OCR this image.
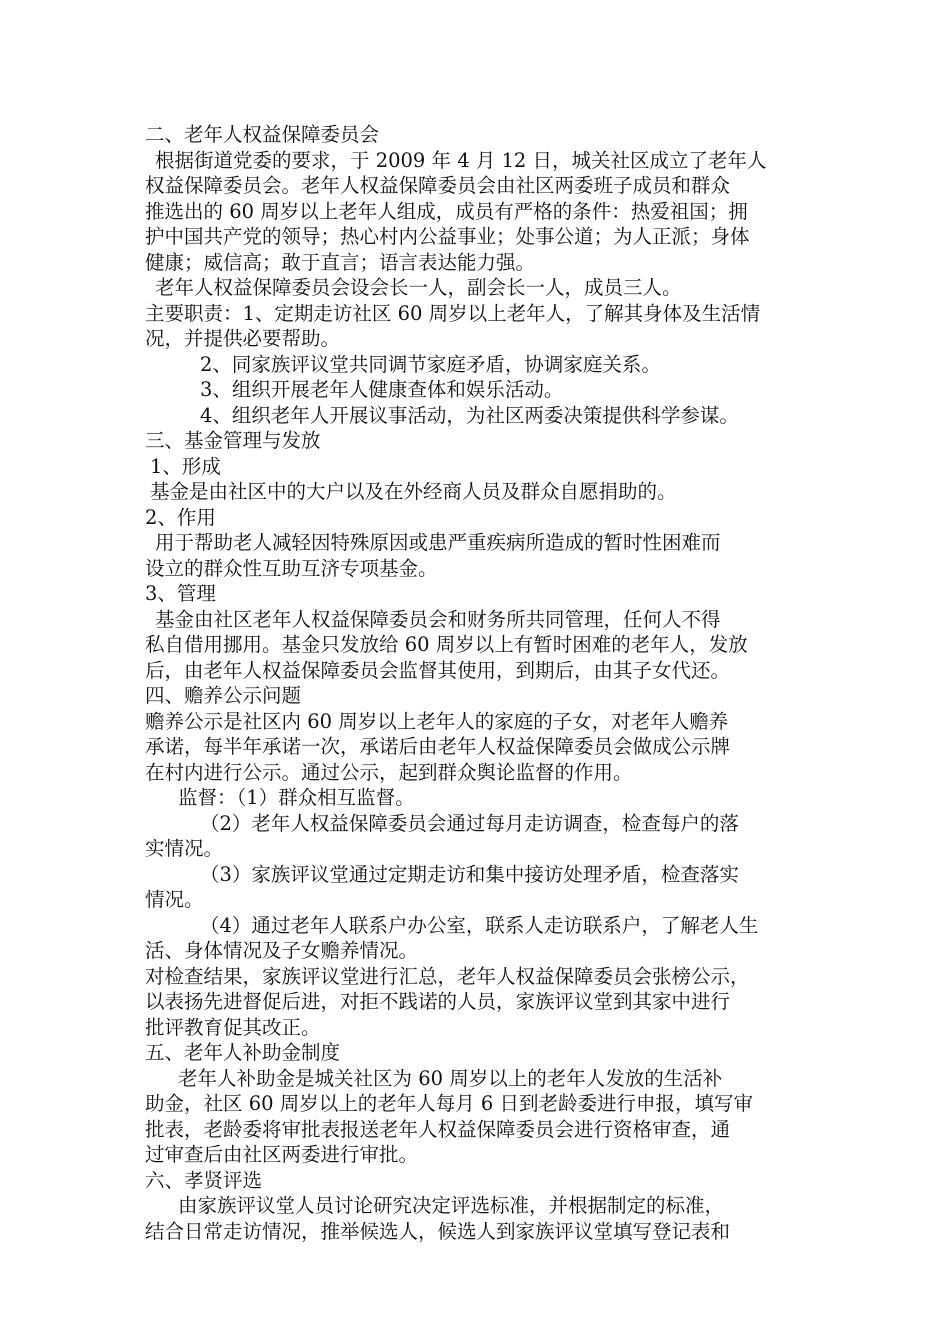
二、老年人权益保障委员会
根据街道党委的要求，于 2009 年 4 月 12 日，城关社区成立了老年人
权益保障委员会。老年人权益保障委员会由社区两委班子成员和群众
推选出的 60 周岁以上老年人组成，成员有严格的条件：热爱祖国；拥
护中国共产党的领导；热心村内公益事业；处事公道；为人正派；身体
健康；威信高；敢于直言；语言表达能力强。
老年人权益保障委员会设会长一人，副会长一人，成员三人。
主要职责：1、定期走访社区 60 周岁以上老年人，了解其身体及生活情
况，并提供必要帮助。
2、同家族评议堂共同调节家庭矛盾，协调家庭关系。
3、组织开展老年人健康查体和娱乐活动。
4、组织老年人开展议事活动，为社区两委决策提供科学参谋。
三、基金管理与发放
1、形成
基金是由社区中的大户以及在外经商人员及群众自愿捐助的。
2、作用
用于帮助老人减轻因特殊原因或患严重疾病所造成的暂时性困难而
设立的群众性互助互济专项基金。
3、管理
基金由社区老年人权益保障委员会和财务所共同管理，任何人不得
私自借用挪用。基金只发放给 60 周岁以上有暂时困难的老年人，发放
后，由老年人权益保障委员会监督其使用，到期后，由其子女代还。
四、赡养公示问题
赡养公示是社区内 60 周岁以上老年人的家庭的子女，对老年人赡养
承诺，每半年承诺一次，承诺后由老年人权益保障委员会做成公示牌
在村内进行公示。通过公示，起到群众舆论监督的作用。
监督：（1）群众相互监督。
（2）老年人权益保障委员会通过每月走访调查，检查每户的落
实情况。
（3）家族评议堂通过定期走访和集中接访处理矛盾，检查落实
情况。
（4）通过老年人联系户办公室，联系人走访联系户，了解老人生
活、身体情况及子女赡养情况。
对检查结果，家族评议堂进行汇总，老年人权益保障委员会张榜公示，
以表扬先进督促后进，对拒不践诺的人员，家族评议堂到其家中进行
批评教育促其改正。
五、老年人补助金制度
老年人补助金是城关社区为 60 周岁以上的老年人发放的生活补
助金，社区 60 周岁以上的老年人每月 6 日到老龄委进行申报，填写审
批表，老龄委将审批表报送老年人权益保障委员会进行资格审查，通
过审查后由社区两委进行审批。
六、孝贤评选
由家族评议堂人员讨论研究决定评选标准，并根据制定的标准，
结合日常走访情况，推举候选人，候选人到家族评议堂填写登记表和
